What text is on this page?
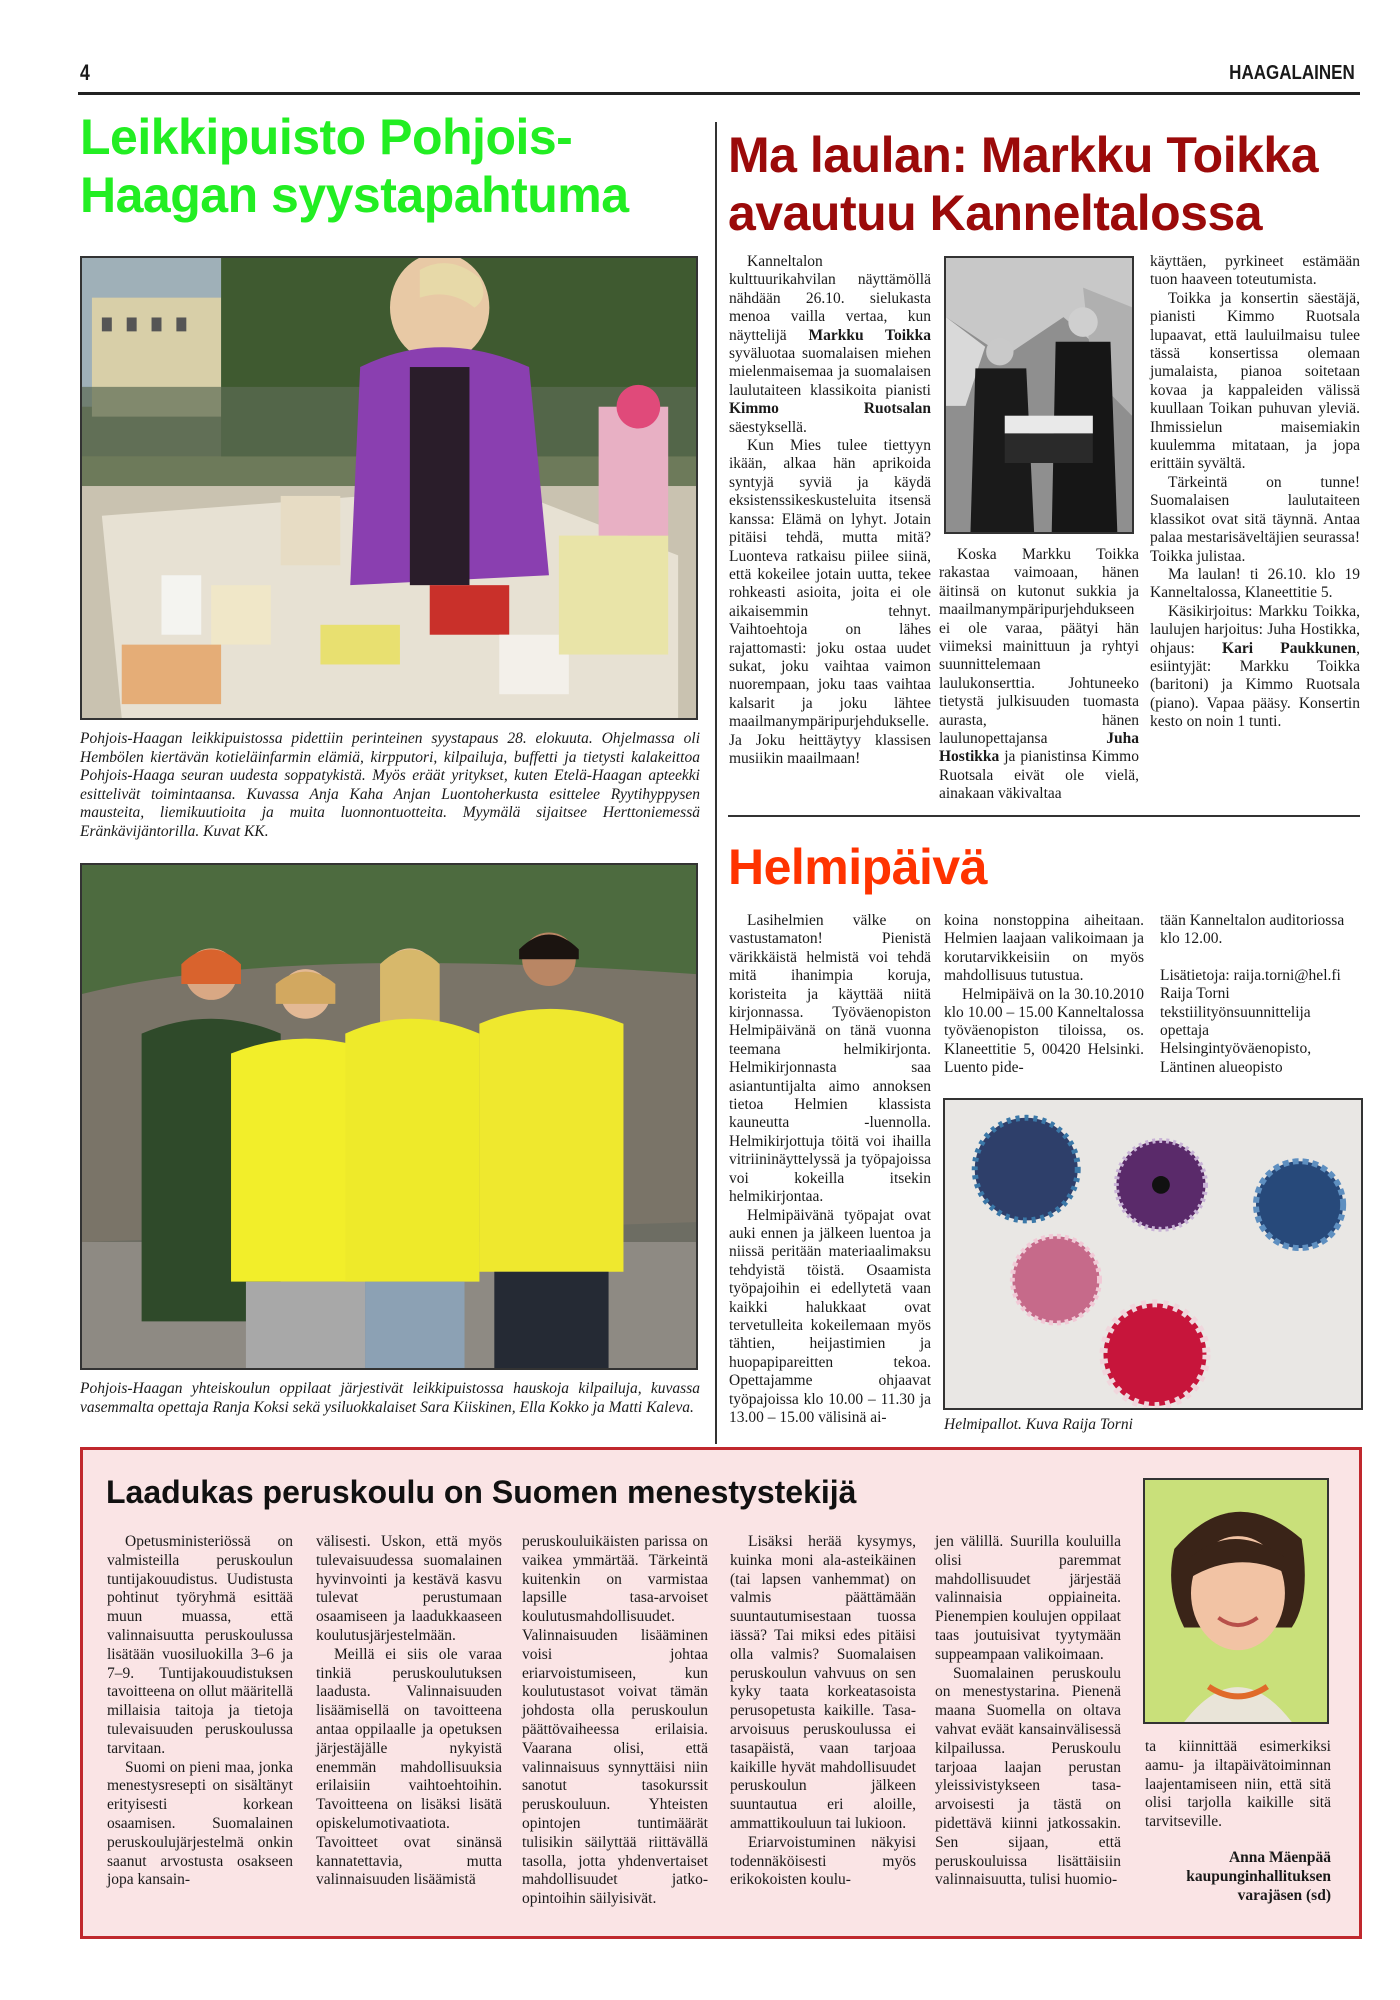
4	HAAGALAINEN
Leikkipuisto Pohjois-Haagan syystapahtuma
Pohjois-Haagan leikkipuistossa pidettiin perinteinen syystapaus 28. elokuuta. Ohjelmassa oli Hembölen kiertävän kotieläinfarmin elämiä, kirpputori, kilpailuja, buffetti ja tietysti kalakeittoa Pohjois-Haaga seuran uudesta soppatykistä. Myös eräät yritykset, kuten Etelä-Haagan apteekki esittelivät toimintaansa. Kuvassa Anja Kaha Anjan Luontoherkusta esittelee Ryytihyppysen mausteita, liemikuutioita ja muita luonnontuotteita. Myymälä sijaitsee Herttoniemessä Eränkävijäntorilla. Kuvat KK.
Pohjois-Haagan yhteiskoulun oppilaat järjestivät leikkipuistossa hauskoja kilpailuja, kuvassa vasemmalta opettaja Ranja Koksi sekä ysiluokkalaiset Sara Kiiskinen, Ella Kokko ja Matti Kaleva.
Ma laulan: Markku Toikka avautuu Kanneltalossa

Kanneltalon kulttuurikahvilan näyttämöllä nähdään 26.10. sielukasta menoa vailla vertaa, kun näyttelijä Markku Toikka syväluotaa suomalaisen miehen mielenmaisemaa ja suomalaisen laulutaiteen klassikoita pianisti Kimmo Ruotsalan säestyksellä.

Kun Mies tulee tiettyyn ikään, alkaa hän aprikoida syntyjä syviä ja käydä eksistenssikeskusteluita itsensä kanssa: Elämä on lyhyt. Jotain pitäisi tehdä, mutta mitä? Luonteva ratkaisu piilee siinä, että kokeilee jotain uutta, tekee rohkeasti asioita, joita ei ole aikaisemmin tehnyt. Vaihtoehtoja on lähes rajattomasti: joku ostaa uudet sukat, joku vaihtaa vaimon nuorempaan, joku taas vaihtaa kalsarit ja joku lähtee maailmanympäripurjehdukselle.

Ja Joku heittäytyy klassisen musiikin maailmaan!

Koska Markku Toikka rakastaa vaimoaan, hänen äitinsä on kutonut sukkia ja maailmanympäripurjehdukseen ei ole varaa, päätyi hän viimeksi mainittuun ja ryhtyi suunnittelemaan laulukonserttia. Johtuneeko tietystä julkisuuden tuomasta aurasta, hänen laulunopettajansa Juha Hostikka ja pianistinsa Kimmo Ruotsala eivät ole vielä, ainakaan väkivaltaa

käyttäen, pyrkineet estämään tuon haaveen toteutumista.

Toikka ja konsertin säestäjä, pianisti Kimmo Ruotsala lupaavat, että lauluilmaisu tulee tässä konsertissa olemaan jumalaista, pianoa soitetaan kovaa ja kappaleiden välissä kuullaan Toikan puhuvan yleviä. Ihmissielun maisemiakin kuulemma mitataan, ja jopa erittäin syvältä.

Tärkeintä on tunne! Suomalaisen laulutaiteen klassikot ovat sitä täynnä. Antaa palaa mestarisäveltäjien seurassa! Toikka julistaa.

Ma laulan! ti 26.10. klo 19 Kanneltalossa, Klaneettitie 5.

Käsikirjoitus: Markku Toikka, laulujen harjoitus: Juha Hostikka, ohjaus: Kari Paukkunen, esiintyjät: Markku Toikka (baritoni) ja Kimmo Ruotsala (piano). Vapaa pääsy. Konsertin kesto on noin 1 tunti.

Helmipäivä

Lasihelmien välke on vastustamaton! Pienistä värikkäistä helmistä voi tehdä mitä ihanimpia koruja, koristeita ja käyttää niitä kirjonnassa. Työväenopiston Helmipäivänä on tänä vuonna teemana helmikirjonta. Helmikirjonnasta saa asiantuntijalta aimo annoksen tietoa Helmien klassista kauneutta -luennolla. Helmikirjottuja töitä voi ihailla vitriininäyttelyssä ja työpajoissa voi kokeilla itsekin helmikirjontaa.

Helmipäivänä työpajat ovat auki ennen ja jälkeen luentoa ja niissä peritään materiaalimaksu tehdyistä töistä. Osaamista työpajoihin ei edellytetä vaan kaikki halukkaat ovat tervetulleita kokeilemaan myös tähtien, heijastimien ja huopapipareitten tekoa. Opettajamme ohjaavat työpajoissa klo 10.00 – 11.30 ja 13.00 – 15.00 välisinä ai-

koina nonstoppina aiheitaan. Helmien laajaan valikoimaan ja korutarvikkeisiin on myös mahdollisuus tutustua.

Helmipäivä on la 30.10.2010 klo 10.00 – 15.00 Kanneltalossa työväenopiston tiloissa, os. Klaneettitie 5, 00420 Helsinki. Luento pide-

tään Kanneltalon auditoriossa klo 12.00.

Lisätietoja: raija.torni@hel.fi

Raija Torni

tekstiilityönsuunnittelija

opettaja

Helsingintyöväenopisto,

Läntinen alueopisto

Helmipallot. Kuva Raija Torni
Laadukas peruskoulu on Suomen menestystekijä

Opetusministeriössä on valmisteilla peruskoulun tuntijakouudistus. Uudistusta pohtinut työryhmä esittää muun muassa, että valinnaisuutta peruskoulussa lisätään vuosiluokilla 3–6 ja 7–9. Tuntijakouudistuksen tavoitteena on ollut määritellä millaisia taitoja ja tietoja tulevaisuuden peruskoulussa tarvitaan.

Suomi on pieni maa, jonka menestysresepti on sisältänyt erityisesti korkean osaamisen. Suomalainen peruskoulujärjestelmä onkin saanut arvostusta osakseen jopa kansain-

välisesti. Uskon, että myös tulevaisuudessa suomalainen hyvinvointi ja kestävä kasvu tulevat perustumaan osaamiseen ja laadukkaaseen koulutusjärjestelmään.

Meillä ei siis ole varaa tinkiä peruskoulutuksen laadusta. Valinnaisuuden lisäämisellä on tavoitteena antaa oppilaalle ja opetuksen järjestäjälle nykyistä enemmän mahdollisuuksia erilaisiin vaihtoehtoihin. Tavoitteena on lisäksi lisätä opiskelumotivaatiota. Tavoitteet ovat sinänsä kannatettavia, mutta valinnaisuuden lisäämistä

peruskouluikäisten parissa on vaikea ymmärtää. Tärkeintä kuitenkin on varmistaa lapsille tasa-arvoiset koulutusmahdollisuudet. Valinnaisuuden lisääminen voisi johtaa eriarvoistumiseen, kun koulutustasot voivat tämän johdosta olla peruskoulun päättövaiheessa erilaisia. Vaarana olisi, että valinnaisuus synnyttäisi niin sanotut tasokurssit peruskouluun. Yhteisten opintojen tuntimäärät tulisikin säilyttää riittävällä tasolla, jotta yhdenvertaiset mahdollisuudet jatko-opintoihin säilyisivät.

Lisäksi herää kysymys, kuinka moni ala-asteikäinen (tai lapsen vanhemmat) on valmis päättämään suuntautumisestaan tuossa iässä? Tai miksi edes pitäisi olla valmis? Suomalaisen peruskoulun vahvuus on sen kyky taata korkeatasoista perusopetusta kaikille. Tasa-arvoisuus peruskoulussa ei tasapäistä, vaan tarjoaa kaikille hyvät mahdollisuudet peruskoulun jälkeen suuntautua eri aloille, ammattikouluun tai lukioon.

Eriarvoistuminen näkyisi todennäköisesti myös erikokoisten koulu-

jen välillä. Suurilla kouluilla olisi paremmat mahdollisuudet järjestää valinnaisia oppiaineita. Pienempien koulujen oppilaat taas joutuisivat tyytymään suppeampaan valikoimaan.

Suomalainen peruskoulu on menestystarina. Pienenä maana Suomella on oltava vahvat eväät kansainvälisessä kilpailussa. Peruskoulu tarjoaa laajan perustan yleissivistykseen tasa-arvoisesti ja tästä on pidettävä kiinni jatkossakin. Sen sijaan, että peruskouluissa lisättäisiin valinnaisuutta, tulisi huomio-

ta kiinnittää esimerkiksi aamu- ja iltapäivätoiminnan laajentamiseen niin, että sitä olisi tarjolla kaikille sitä tarvitseville.

Anna Mäenpää
kaupunginhallituksen
varajäsen (sd)
